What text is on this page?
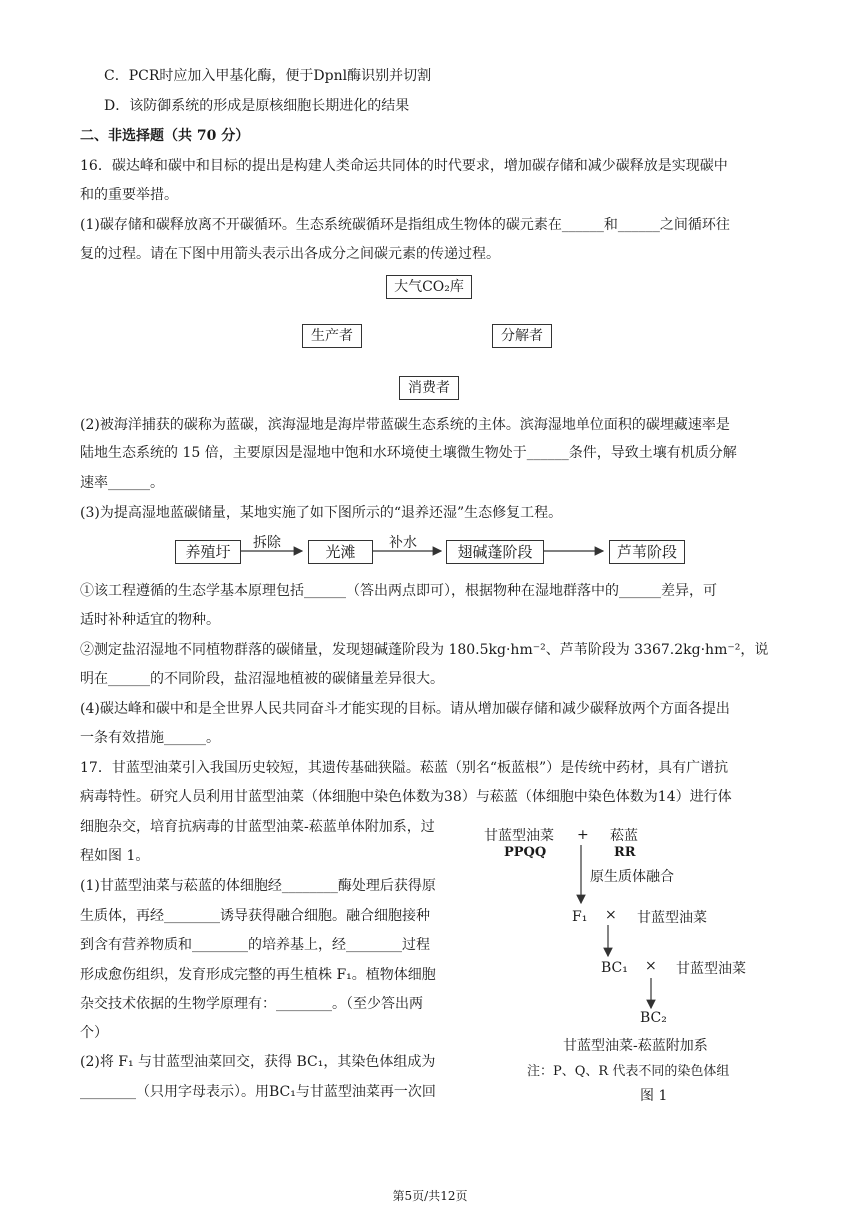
C．PCR时应加入甲基化酶，便于Dpnl酶识别并切割
D．该防御系统的形成是原核细胞长期进化的结果
二、非选择题（共 70 分）
16．碳达峰和碳中和目标的提出是构建人类命运共同体的时代要求，增加碳存储和减少碳释放是实现碳中
和的重要举措。
(1)碳存储和碳释放离不开碳循环。生态系统碳循环是指组成生物体的碳元素在______和______之间循环往
复的过程。请在下图中用箭头表示出各成分之间碳元素的传递过程。
大气CO₂库
生产者	分解者
消费者
(2)被海洋捕获的碳称为蓝碳，滨海湿地是海岸带蓝碳生态系统的主体。滨海湿地单位面积的碳埋藏速率是
陆地生态系统的 15 倍，主要原因是湿地中饱和水环境使土壤微生物处于______条件，导致土壤有机质分解
速率______。
(3)为提高湿地蓝碳储量，某地实施了如下图所示的“退养还湿”生态修复工程。
养殖圩	拆除	光滩	补水	翅碱蓬阶段	芦苇阶段
①该工程遵循的生态学基本原理包括______（答出两点即可），根据物种在湿地群落中的______差异，可
适时补种适宜的物种。
②测定盐沼湿地不同植物群落的碳储量，发现翅碱蓬阶段为 180.5kg·hm⁻²、芦苇阶段为 3367.2kg·hm⁻²，说
明在______的不同阶段，盐沼湿地植被的碳储量差异很大。
(4)碳达峰和碳中和是全世界人民共同奋斗才能实现的目标。请从增加碳存储和减少碳释放两个方面各提出
一条有效措施______。
17．甘蓝型油菜引入我国历史较短，其遗传基础狭隘。菘蓝（别名“板蓝根”）是传统中药材，具有广谱抗
病毒特性。研究人员利用甘蓝型油菜（体细胞中染色体数为38）与菘蓝（体细胞中染色体数为14）进行体
细胞杂交，培育抗病毒的甘蓝型油菜-菘蓝单体附加系，过
程如图 1。
(1)甘蓝型油菜与菘蓝的体细胞经________酶处理后获得原
生质体，再经________诱导获得融合细胞。融合细胞接种
到含有营养物质和________的培养基上，经________过程
形成愈伤组织，发育形成完整的再生植株 F₁。植物体细胞
杂交技术依据的生物学原理有：________。（至少答出两
个）
(2)将 F₁ 与甘蓝型油菜回交，获得 BC₁，其染色体组成为
________（只用字母表示）。用BC₁与甘蓝型油菜再一次回
甘蓝型油菜
PPQQ
+ 菘蓝
RR
原生质体融合
F₁ × 甘蓝型油菜
BC₁ × 甘蓝型油菜
BC₂
甘蓝型油菜-菘蓝附加系
注：P、Q、R 代表不同的染色体组
图 1
第5页/共12页
